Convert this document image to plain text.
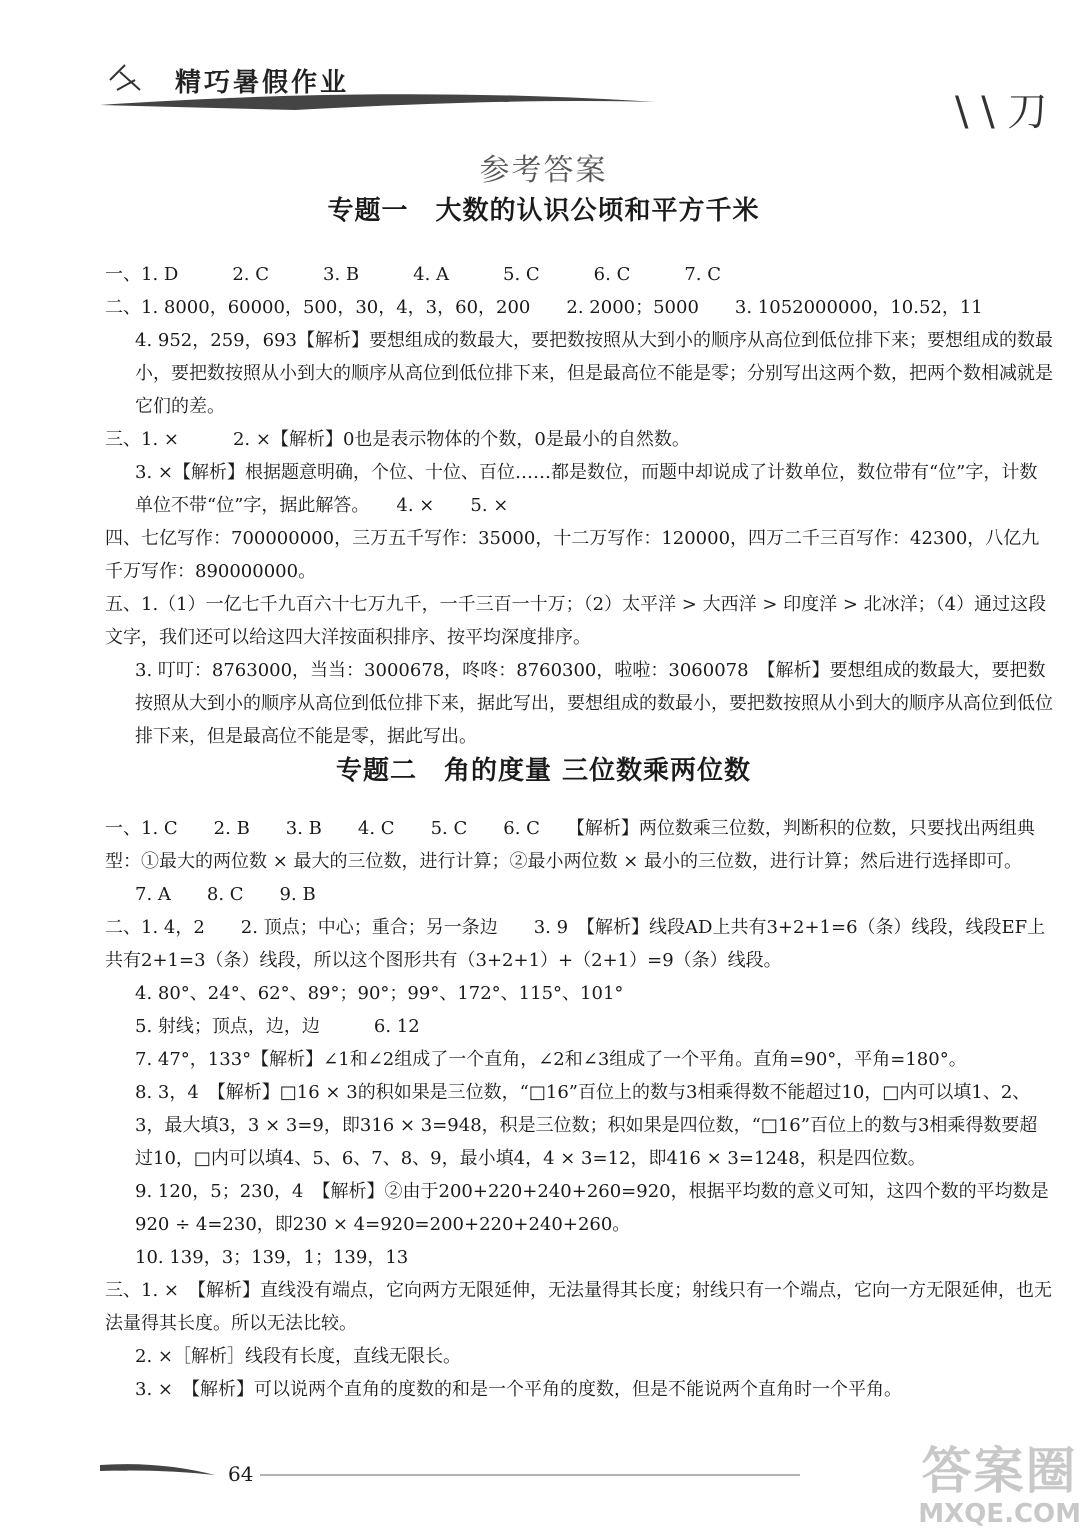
精巧暑假作业
\ \ 刀
参考答案
专题一　大数的认识公顷和平方千米

一、1. D　　　2. C　　　3. B　　　4. A　　　5. C　　　6. C　　　7. C

二、1. 8000，60000，500，30，4，3，60，200　　2. 2000；5000　　3. 1052000000，10.52，11

4. 952，259，693【解析】要想组成的数最大，要把数按照从大到小的顺序从高位到低位排下来；要想组成的数最小，要把数按照从小到大的顺序从高位到低位排下来，但是最高位不能是零；分别写出这两个数，把两个数相减就是它们的差。

三、1. ×　　　2. ×【解析】0也是表示物体的个数，0是最小的自然数。

3. ×【解析】根据题意明确，个位、十位、百位……都是数位，而题中却说成了计数单位，数位带有“位”字，计数单位不带“位”字，据此解答。　　4. ×　　5. ×

四、七亿写作：700000000，三万五千写作：35000，十二万写作：120000，四万二千三百写作：42300，八亿九千万写作：890000000。

五、1.（1）一亿七千九百六十七万九千，一千三百一十万；（2）太平洋 > 大西洋 > 印度洋 > 北冰洋；（4）通过这段文字，我们还可以给这四大洋按面积排序、按平均深度排序。

3. 叮叮：8763000，当当：3000678，咚咚：8760300，啦啦：3060078　【解析】要想组成的数最大，要把数按照从大到小的顺序从高位到低位排下来，据此写出，要想组成的数最小，要把数按照从小到大的顺序从高位到低位排下来，但是最高位不能是零，据此写出。

专题二　角的度量 三位数乘两位数

一、1. C　　2. B　　3. B　　4. C　　5. C　　6. C　　【解析】两位数乘三位数，判断积的位数，只要找出两组典型：①最大的两位数 × 最大的三位数，进行计算；②最小两位数 × 最小的三位数，进行计算；然后进行选择即可。

7. A　　8. C　　9. B

二、1. 4，2　　2. 顶点；中心；重合；另一条边　　3. 9　【解析】线段AD上共有3+2+1=6（条）线段，线段EF上共有2+1=3（条）线段，所以这个图形共有（3+2+1）+（2+1）=9（条）线段。

4. 80°、24°、62°、89°；90°；99°、172°、115°、101°

5. 射线；顶点，边，边　　　6. 12

7. 47°，133°【解析】∠1和∠2组成了一个直角，∠2和∠3组成了一个平角。直角=90°，平角=180°。

8. 3，4　【解析】□16 × 3的积如果是三位数，“□16”百位上的数与3相乘得数不能超过10，□内可以填1、2、3，最大填3，3 × 3=9，即316 × 3=948，积是三位数；积如果是四位数，“□16”百位上的数与3相乘得数要超过10，□内可以填4、5、6、7、8、9，最小填4，4 × 3=12，即416 × 3=1248，积是四位数。

9. 120，5；230，4　【解析】②由于200+220+240+260=920，根据平均数的意义可知，这四个数的平均数是920 ÷ 4=230，即230 × 4=920=200+220+240+260。

10. 139，3；139，1；139，13

三、1. ×　【解析】直线没有端点，它向两方无限延伸，无法量得其长度；射线只有一个端点，它向一方无限延伸，也无法量得其长度。所以无法比较。

2. ×［解析］线段有长度，直线无限长。

3. ×　【解析】可以说两个直角的度数的和是一个平角的度数，但是不能说两个直角时一个平角。

64	答案圈
MXQE.COM
